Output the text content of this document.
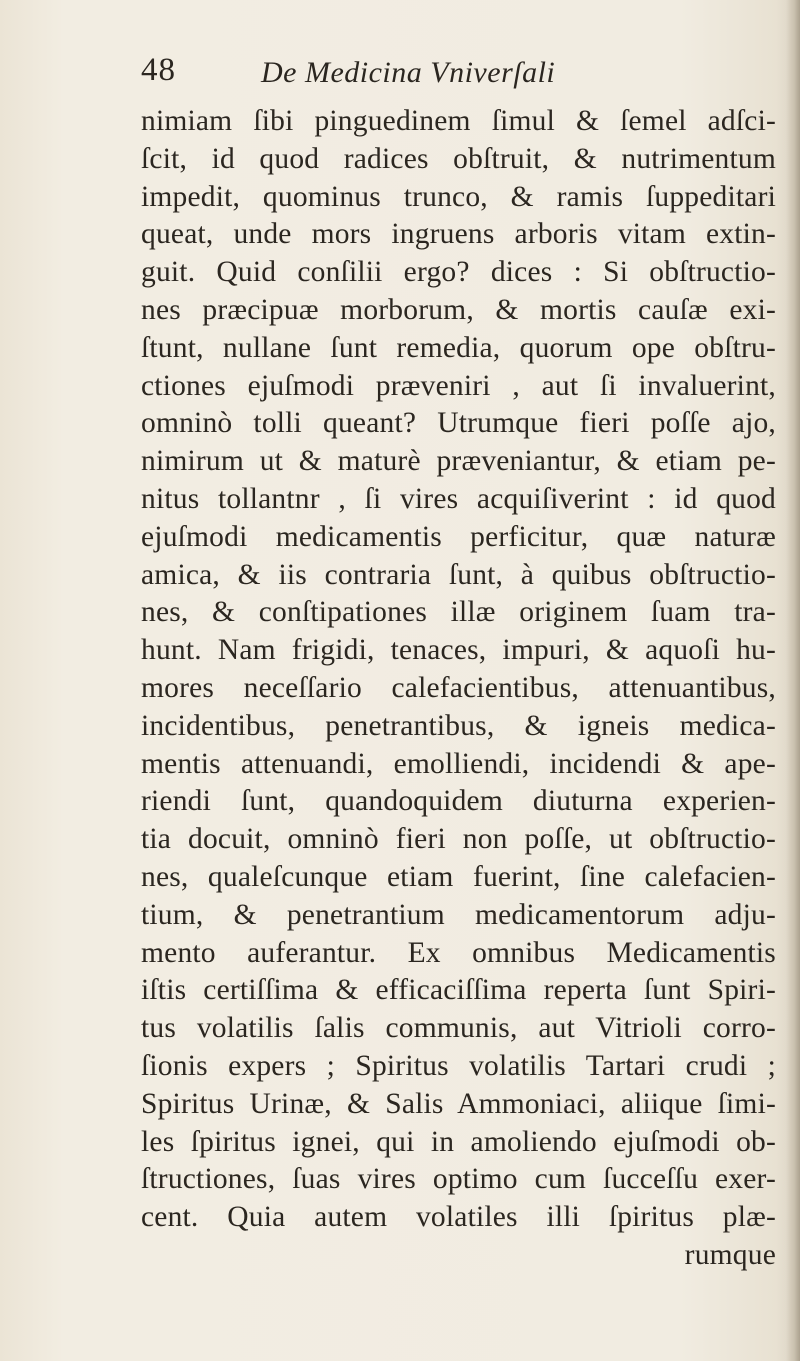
48	De Medicina Vniverſali
nimiam ſibi pinguedinem ſimul & ſemel adſci-
ſcit, id quod radices obſtruit, & nutrimentum
impedit, quominus trunco, & ramis ſuppeditari
queat, unde mors ingruens arboris vitam extin-
guit. Quid conſilii ergo? dices : Si obſtructio-
nes præcipuæ morborum, & mortis cauſæ exi-
ſtunt, nullane ſunt remedia, quorum ope obſtru-
ctiones ejuſmodi præveniri , aut ſi invaluerint,
omninò tolli queant? Utrumque fieri poſſe ajo,
nimirum ut & maturè præveniantur, & etiam pe-
nitus tollantnr , ſi vires acquiſiverint : id quod
ejuſmodi medicamentis perficitur, quæ naturæ
amica, & iis contraria ſunt, à quibus obſtructio-
nes, & conſtipationes illæ originem ſuam tra-
hunt. Nam frigidi, tenaces, impuri, & aquoſi hu-
mores neceſſario calefacientibus, attenuantibus,
incidentibus, penetrantibus, & igneis medica-
mentis attenuandi, emolliendi, incidendi & ape-
riendi ſunt, quandoquidem diuturna experien-
tia docuit, omninò fieri non poſſe, ut obſtructio-
nes, qualeſcunque etiam fuerint, ſine calefacien-
tium, & penetrantium medicamentorum adju-
mento auferantur. Ex omnibus Medicamentis
iſtis certiſſima & efficaciſſima reperta ſunt Spiri-
tus volatilis ſalis communis, aut Vitrioli corro-
ſionis expers ; Spiritus volatilis Tartari crudi ;
Spiritus Urinæ, & Salis Ammoniaci, aliique ſimi-
les ſpiritus ignei, qui in amoliendo ejuſmodi ob-
ſtructiones, ſuas vires optimo cum ſucceſſu exer-
cent. Quia autem volatiles illi ſpiritus plæ-
rumque
